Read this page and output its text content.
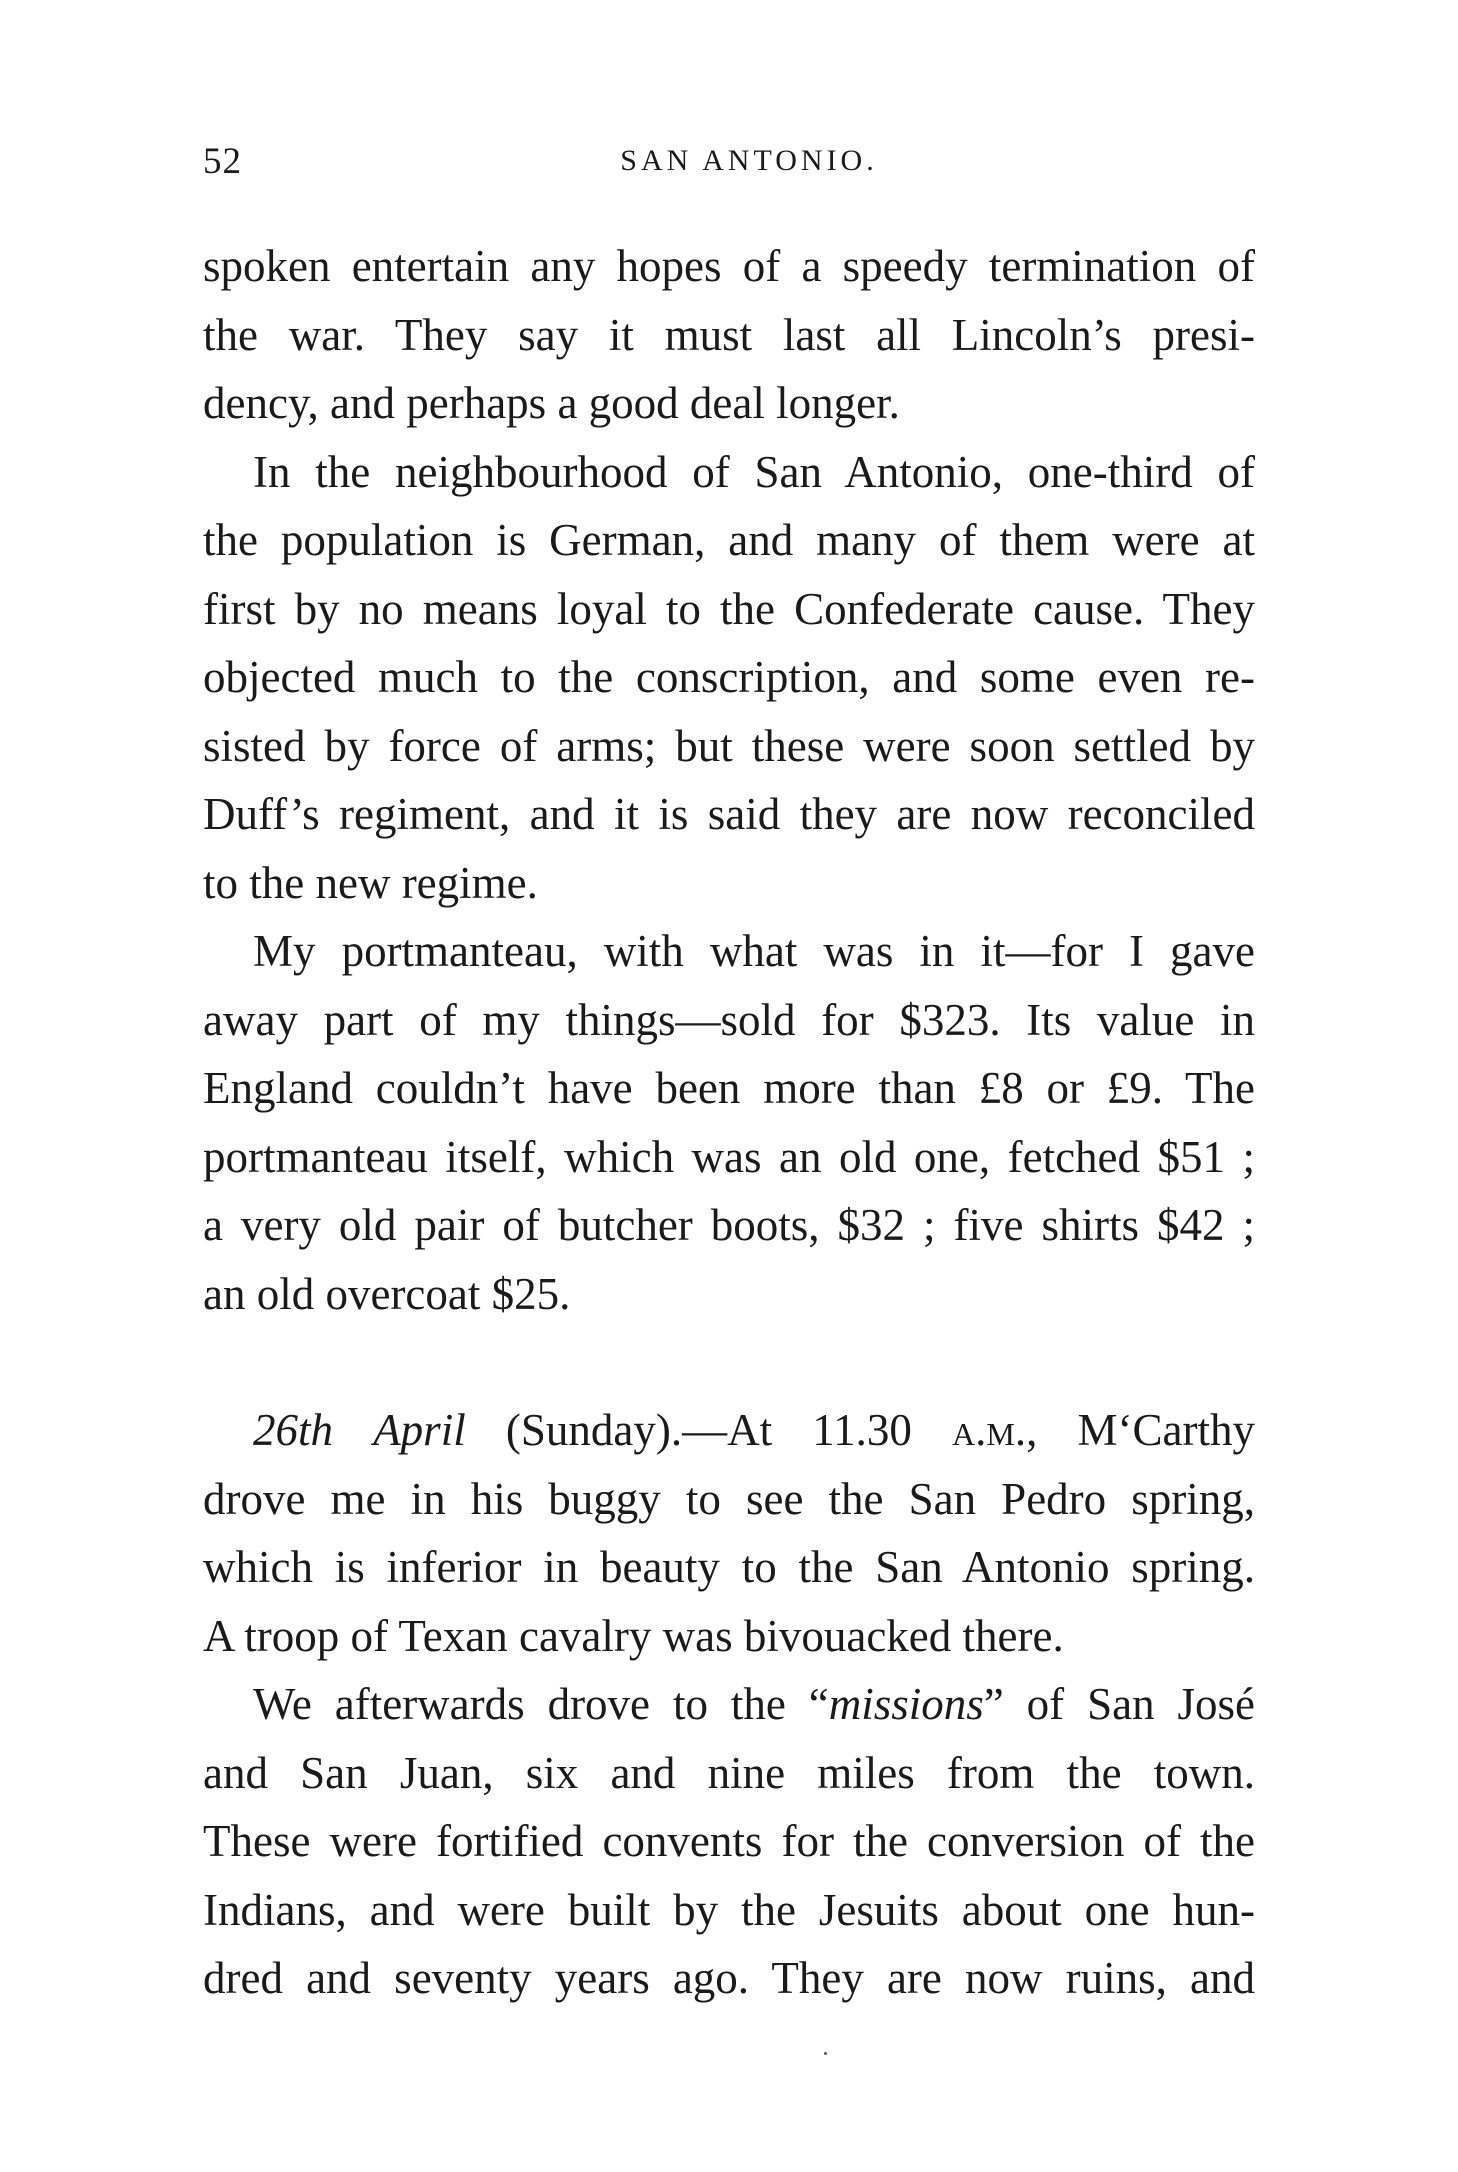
52	SAN ANTONIO.
spoken entertain any hopes of a speedy termination of
the war. They say it must last all Lincoln’s presi-
dency, and perhaps a good deal longer.
In the neighbourhood of San Antonio, one-third of
the population is German, and many of them were at
first by no means loyal to the Confederate cause. They
objected much to the conscription, and some even re-
sisted by force of arms; but these were soon settled by
Duff’s regiment, and it is said they are now reconciled
to the new regime.
My portmanteau, with what was in it—for I gave
away part of my things—sold for $323. Its value in
England couldn’t have been more than £8 or £9. The
portmanteau itself, which was an old one, fetched $51 ;
a very old pair of butcher boots, $32 ; five shirts $42 ;
an old overcoat $25.
26th April (Sunday).—At 11.30 a.m., M‘Carthy
drove me in his buggy to see the San Pedro spring,
which is inferior in beauty to the San Antonio spring.
A troop of Texan cavalry was bivouacked there.
We afterwards drove to the “missions” of San José
and San Juan, six and nine miles from the town.
These were fortified convents for the conversion of the
Indians, and were built by the Jesuits about one hun-
dred and seventy years ago. They are now ruins, and
